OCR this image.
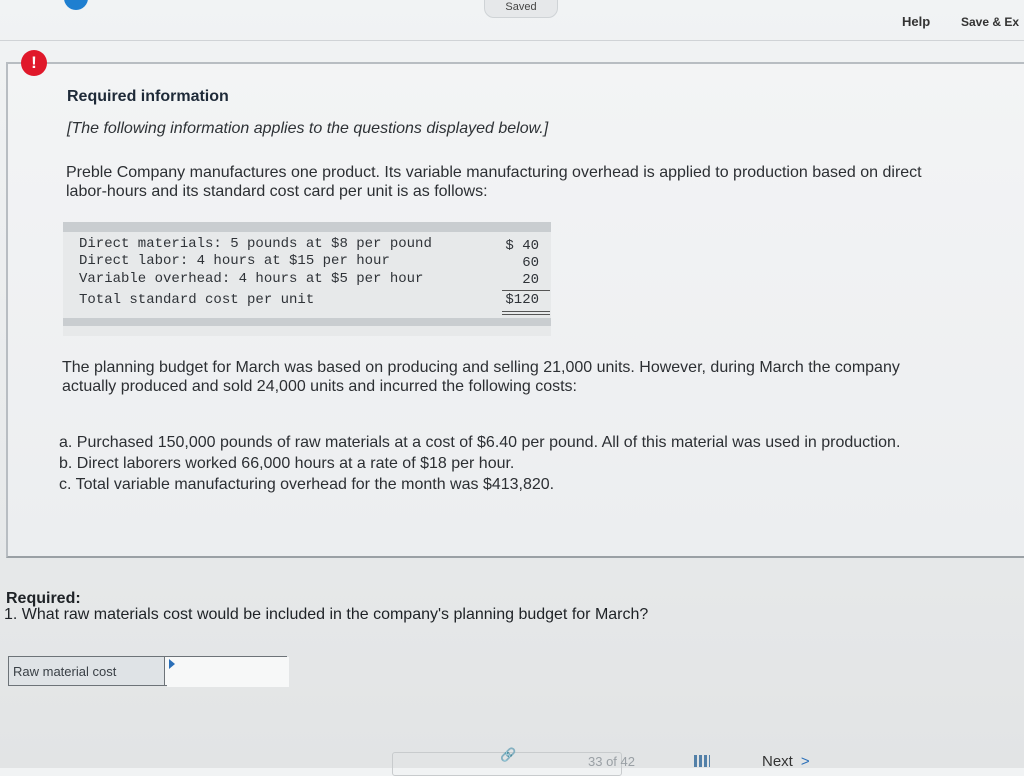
Saved
Help	Save & Ex
!
Required information
[The following information applies to the questions displayed below.]
Preble Company manufactures one product. Its variable manufacturing overhead is applied to production based on direct
labor-hours and its standard cost card per unit is as follows:
Direct materials: 5 pounds at $8 per pound	$ 40
Direct labor: 4 hours at $15 per hour	60
Variable overhead: 4 hours at $5 per hour	20
Total standard cost per unit	$120
The planning budget for March was based on producing and selling 21,000 units. However, during March the company
actually produced and sold 24,000 units and incurred the following costs:
a. Purchased 150,000 pounds of raw materials at a cost of $6.40 per pound. All of this material was used in production.
b. Direct laborers worked 66,000 hours at a rate of $18 per hour.
c. Total variable manufacturing overhead for the month was $413,820.
Required:
1. What raw materials cost would be included in the company's planning budget for March?
Raw material cost
🔗	33 of 42	Next >
